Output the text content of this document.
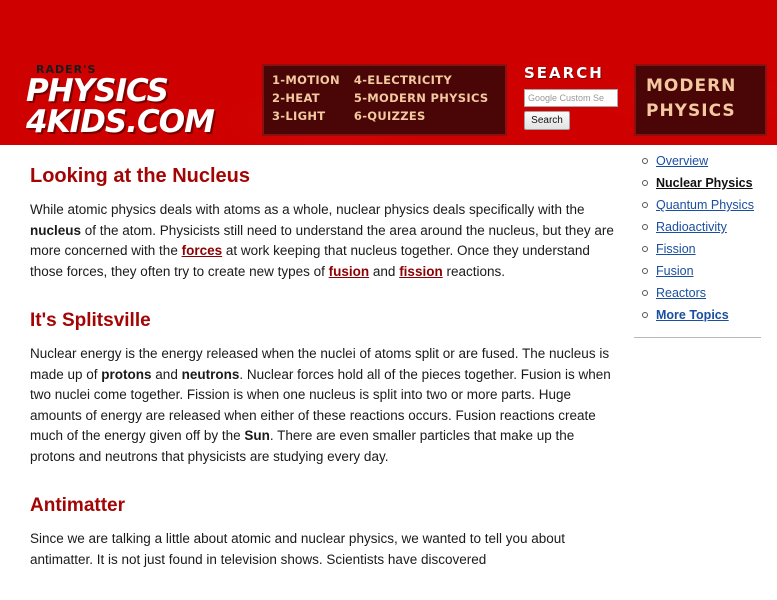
RADER'S
PHYSICS
4KIDS.COM
1-MOTION	4-ELECTRICITY
2-HEAT	5-MODERN PHYSICS
3-LIGHT	6-QUIZZES
SEARCH
Google Custom Se
Search
MODERN
PHYSICS
Looking at the Nucleus

While atomic physics deals with atoms as a whole, nuclear physics deals specifically with the nucleus of the atom. Physicists still need to understand the area around the nucleus, but they are more concerned with the forces at work keeping that nucleus together. Once they understand those forces, they often try to create new types of fusion and fission reactions.

It's Splitsville

Nuclear energy is the energy released when the nuclei of atoms split or are fused. The nucleus is made up of protons and neutrons. Nuclear forces hold all of the pieces together. Fusion is when two nuclei come together. Fission is when one nucleus is split into two or more parts. Huge amounts of energy are released when either of these reactions occurs. Fusion reactions create much of the energy given off by the Sun. There are even smaller particles that make up the protons and neutrons that physicists are studying every day.

Antimatter

Since we are talking a little about atomic and nuclear physics, we wanted to tell you about antimatter. It is not just found in television shows. Scientists have discovered

Overview
Nuclear Physics
Quantum Physics
Radioactivity
Fission
Fusion
Reactors
More Topics
